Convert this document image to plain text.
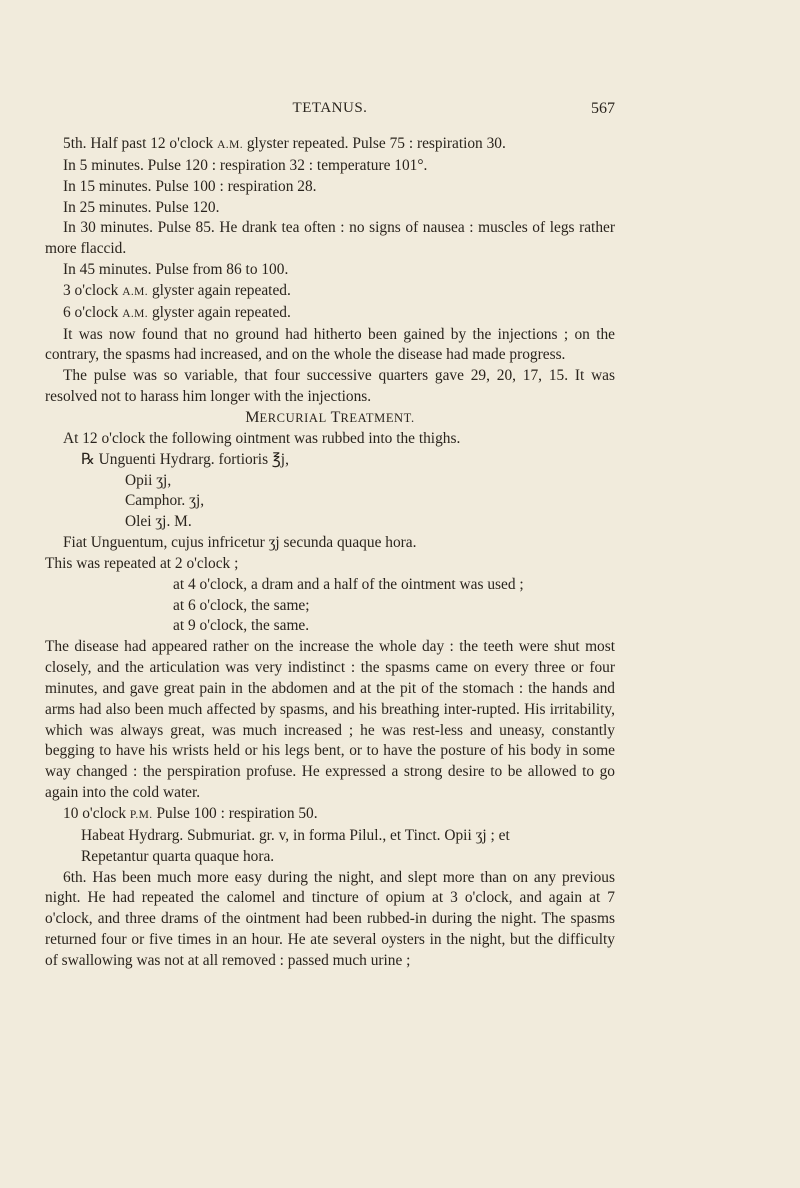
TETANUS.	567

5th. Half past 12 o'clock A.M. glyster repeated. Pulse 75 : respiration 30.

In 5 minutes. Pulse 120 : respiration 32 : temperature 101°.

In 15 minutes. Pulse 100 : respiration 28.

In 25 minutes. Pulse 120.

In 30 minutes. Pulse 85. He drank tea often : no signs of nausea : muscles of legs rather more flaccid.

In 45 minutes. Pulse from 86 to 100.

3 o'clock A.M. glyster again repeated.

6 o'clock A.M. glyster again repeated.

It was now found that no ground had hitherto been gained by the injections ; on the contrary, the spasms had increased, and on the whole the disease had made progress.

The pulse was so variable, that four successive quarters gave 29, 20, 17, 15. It was resolved not to harass him longer with the injections.

MERCURIAL TREATMENT.

At 12 o'clock the following ointment was rubbed into the thighs.

℞ Unguenti Hydrarg. fortioris ℥j,

Opii ʒj,

Camphor. ʒj,

Olei ʒj. M.

Fiat Unguentum, cujus infricetur ʒj secunda quaque hora.

This was repeated at 2 o'clock ;

at 4 o'clock, a dram and a half of the ointment was used ;

at 6 o'clock, the same;

at 9 o'clock, the same.

The disease had appeared rather on the increase the whole day : the teeth were shut most closely, and the articulation was very indistinct : the spasms came on every three or four minutes, and gave great pain in the abdomen and at the pit of the stomach : the hands and arms had also been much affected by spasms, and his breathing inter-rupted. His irritability, which was always great, was much increased ; he was rest-less and uneasy, constantly begging to have his wrists held or his legs bent, or to have the posture of his body in some way changed : the perspiration profuse. He expressed a strong desire to be allowed to go again into the cold water.

10 o'clock P.M. Pulse 100 : respiration 50.

Habeat Hydrarg. Submuriat. gr. v, in forma Pilul., et Tinct. Opii ʒj ; et

Repetantur quarta quaque hora.

6th. Has been much more easy during the night, and slept more than on any previous night. He had repeated the calomel and tincture of opium at 3 o'clock, and again at 7 o'clock, and three drams of the ointment had been rubbed-in during the night. The spasms returned four or five times in an hour. He ate several oysters in the night, but the difficulty of swallowing was not at all removed : passed much urine ;
